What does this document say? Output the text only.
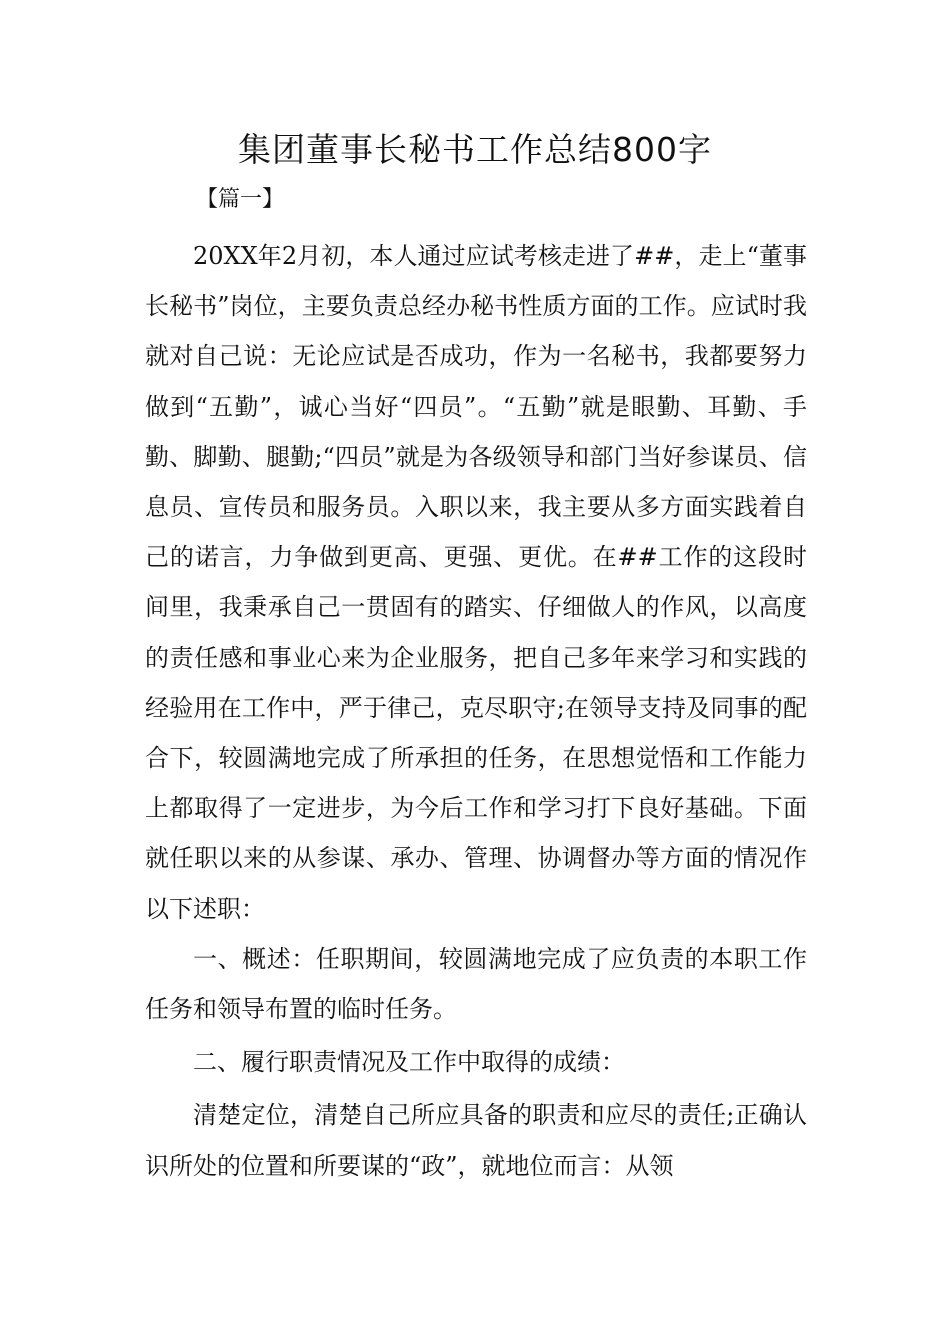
集团董事长秘书工作总结800字
【篇一】

20XX年2月初，本人通过应试考核走进了##，走上“董事长秘书”岗位，主要负责总经办秘书性质方面的工作。应试时我就对自己说：无论应试是否成功，作为一名秘书，我都要努力做到“五勤”，诚心当好“四员”。“五勤”就是眼勤、耳勤、手勤、脚勤、腿勤;“四员”就是为各级领导和部门当好参谋员、信息员、宣传员和服务员。入职以来，我主要从多方面实践着自己的诺言，力争做到更高、更强、更优。在##工作的这段时间里，我秉承自己一贯固有的踏实、仔细做人的作风，以高度的责任感和事业心来为企业服务，把自己多年来学习和实践的经验用在工作中，严于律己，克尽职守;在领导支持及同事的配合下，较圆满地完成了所承担的任务，在思想觉悟和工作能力上都取得了一定进步，为今后工作和学习打下良好基础。下面就任职以来的从参谋、承办、管理、协调督办等方面的情况作以下述职：

一、概述：任职期间，较圆满地完成了应负责的本职工作任务和领导布置的临时任务。

二、履行职责情况及工作中取得的成绩：

清楚定位，清楚自己所应具备的职责和应尽的责任;正确认识所处的位置和所要谋的“政”，就地位而言：从领
